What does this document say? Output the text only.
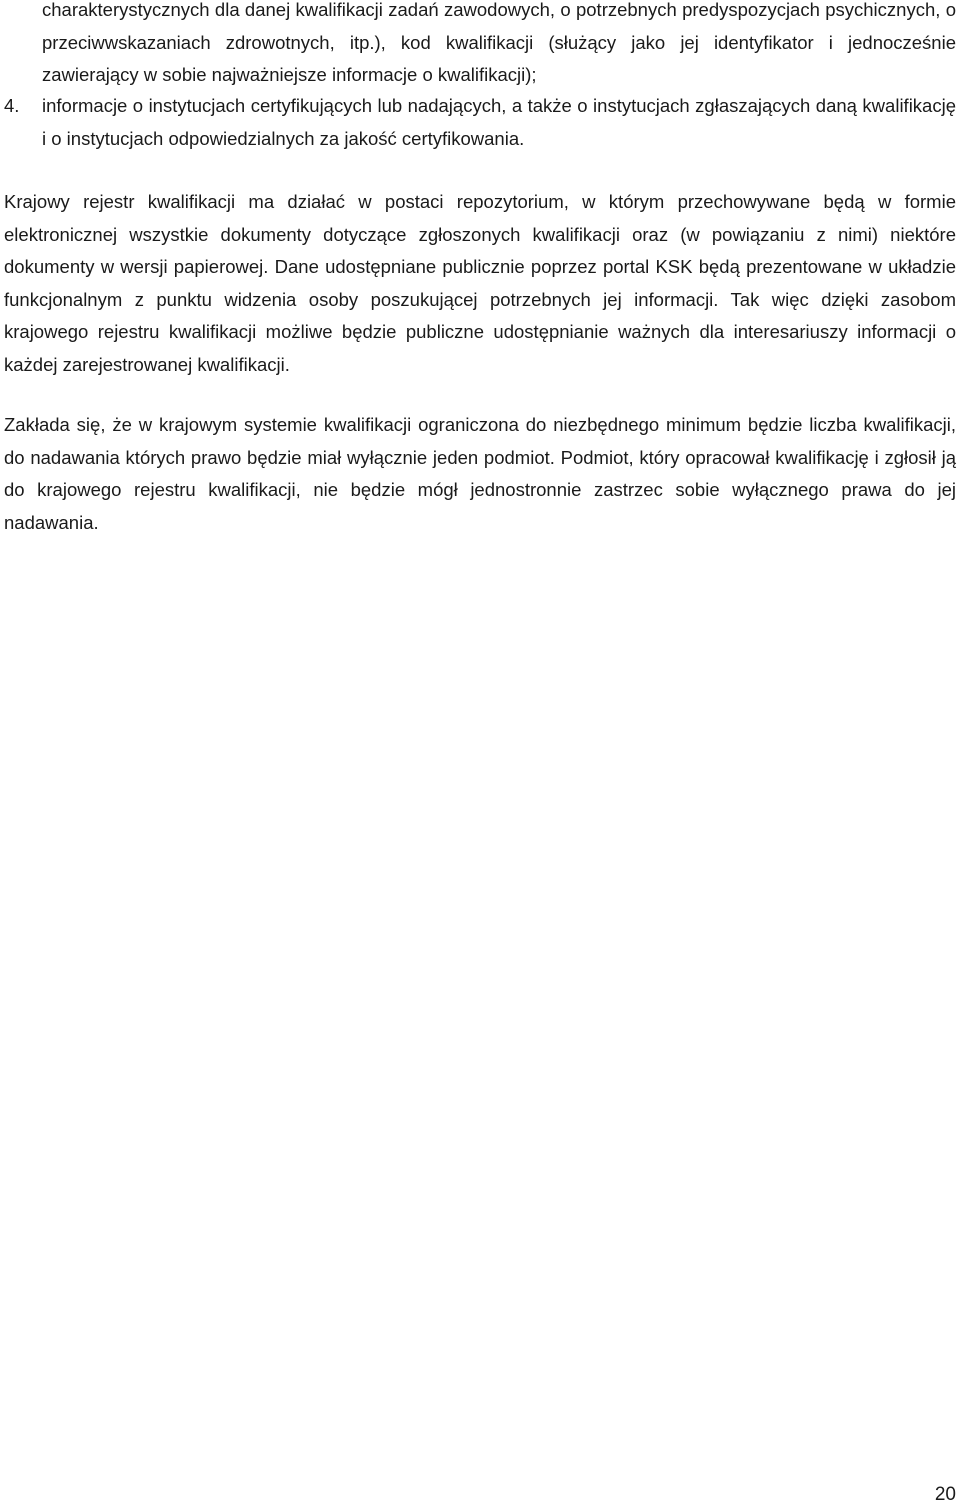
charakterystycznych dla danej kwalifikacji zadań zawodowych, o potrzebnych predyspozycjach psychicznych, o przeciwwskazaniach zdrowotnych, itp.), kod kwalifikacji (służący jako jej identyfikator i jednocześnie zawierający w sobie najważniejsze informacje o kwalifikacji);
4.	informacje o instytucjach certyfikujących lub nadających, a także o instytucjach zgłaszających daną kwalifikację i o instytucjach odpowiedzialnych za jakość certyfikowania.

Krajowy rejestr kwalifikacji ma działać w postaci repozytorium, w którym przechowywane będą w formie elektronicznej wszystkie dokumenty dotyczące zgłoszonych kwalifikacji oraz (w powiązaniu z nimi) niektóre dokumenty w wersji papierowej. Dane udostępniane publicznie poprzez portal KSK będą prezentowane w układzie funkcjonalnym z punktu widzenia osoby poszukującej potrzebnych jej informacji. Tak więc dzięki zasobom krajowego rejestru kwalifikacji możliwe będzie publiczne udostępnianie ważnych dla interesariuszy informacji o każdej zarejestrowanej kwalifikacji.

Zakłada się, że w krajowym systemie kwalifikacji ograniczona do niezbędnego minimum będzie liczba kwalifikacji, do nadawania których prawo będzie miał wyłącznie jeden podmiot. Podmiot, który opracował kwalifikację i zgłosił ją do krajowego rejestru kwalifikacji, nie będzie mógł jednostronnie zastrzec sobie wyłącznego prawa do jej nadawania.

20
